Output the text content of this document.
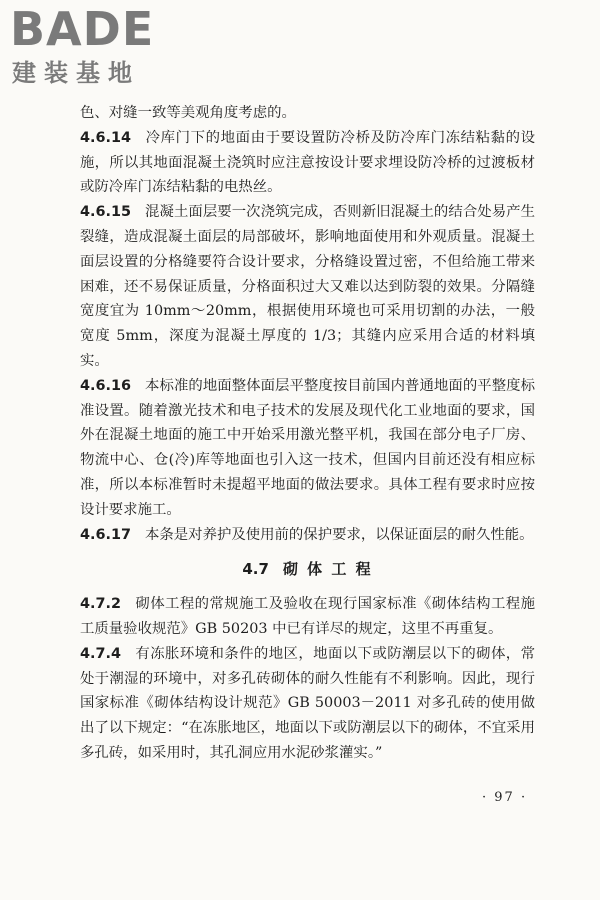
BADE
建装基地

色、对缝一致等美观角度考虑的。

4.6.14 冷库门下的地面由于要设置防冷桥及防冷库门冻结粘黏的设施，所以其地面混凝土浇筑时应注意按设计要求埋设防冷桥的过渡板材或防冷库门冻结粘黏的电热丝。

4.6.15 混凝土面层要一次浇筑完成，否则新旧混凝土的结合处易产生裂缝，造成混凝土面层的局部破坏，影响地面使用和外观质量。混凝土面层设置的分格缝要符合设计要求，分格缝设置过密，不但给施工带来困难，还不易保证质量，分格面积过大又难以达到防裂的效果。分隔缝宽度宜为 10mm～20mm，根据使用环境也可采用切割的办法，一般宽度 5mm，深度为混凝土厚度的 1/3；其缝内应采用合适的材料填实。

4.6.16 本标准的地面整体面层平整度按目前国内普通地面的平整度标准设置。随着激光技术和电子技术的发展及现代化工业地面的要求，国外在混凝土地面的施工中开始采用激光整平机，我国在部分电子厂房、物流中心、仓(冷)库等地面也引入这一技术，但国内目前还没有相应标准，所以本标准暂时未提超平地面的做法要求。具体工程有要求时应按设计要求施工。

4.6.17 本条是对养护及使用前的保护要求，以保证面层的耐久性能。

4.7 砌 体 工 程

4.7.2 砌体工程的常规施工及验收在现行国家标准《砌体结构工程施工质量验收规范》GB 50203 中已有详尽的规定，这里不再重复。

4.7.4 有冻胀环境和条件的地区，地面以下或防潮层以下的砌体，常处于潮湿的环境中，对多孔砖砌体的耐久性能有不利影响。因此，现行国家标准《砌体结构设计规范》GB 50003－2011 对多孔砖的使用做出了以下规定：“在冻胀地区，地面以下或防潮层以下的砌体，不宜采用多孔砖，如采用时，其孔洞应用水泥砂浆灌实。”

· 97 ·
